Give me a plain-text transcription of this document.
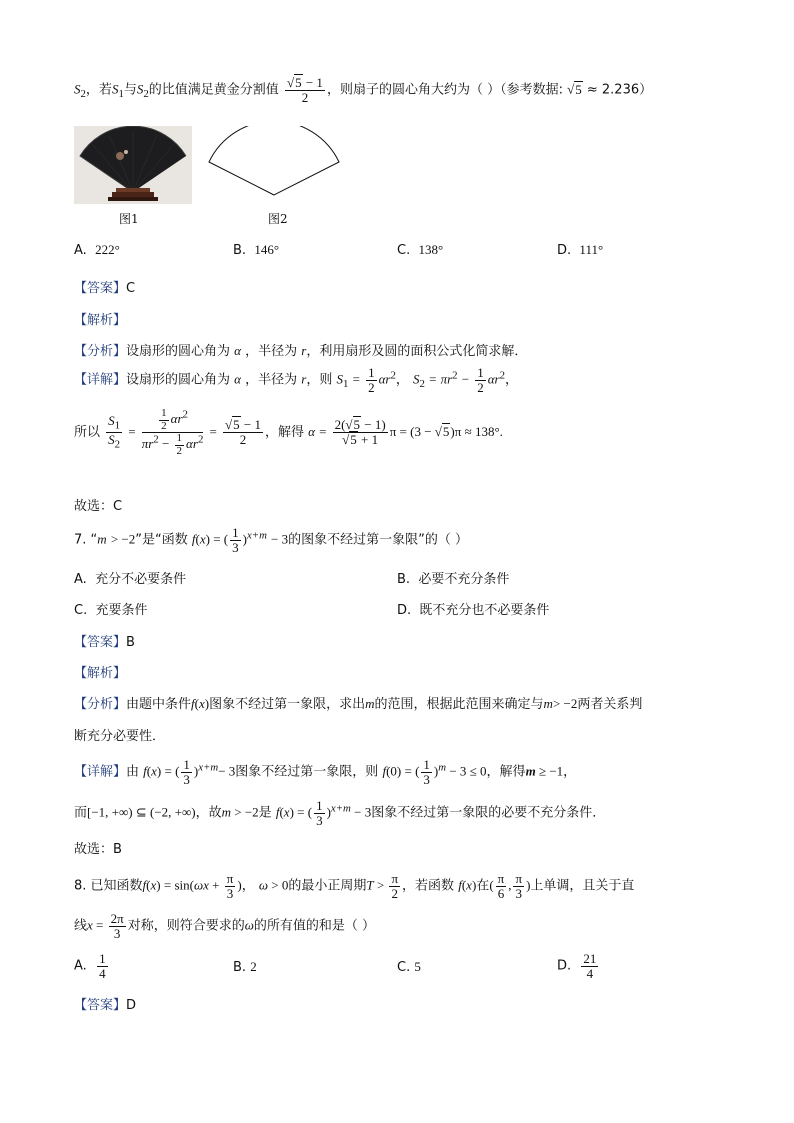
$S_2$，若$S_1$与$S_2$的比值满足黄金分割值 $\frac{√5 - 1}{2}$ ，则扇子的圆心角大约为（ ）（参考数据: √5 ≈ 2.236）
图1	图2
A. 222°	B. 146°	C. 138°	D. 111°
【答案】C
【解析】
【分析】设扇形的圆心角为 α ，半径为 r，利用扇形及圆的面积公式化简求解．
【详解】设扇形的圆心角为 α ，半径为 r，则 $S_1 = \frac{1}{2} \alpha r^2$， $S_2 = \pi r^2 - \frac{1}{2} \alpha r^2$，
所以 $\frac{S_1}{S_2} = \frac{\frac{1}{2} \alpha r^2}{\pi r^2 - \frac{1}{2} \alpha r^2} = \frac{√5 - 1}{2}$ ，解得 $\alpha = \frac{2(√5 - 1)}{√5 + 1}$ π = (3 − √5)π ≈ 138°.
故选：C
7. “m > −2”是“函数 f(x) = ( $\frac{1}{3} )^{x+m} - 3$的图象不经过第一象限”的（ ）
A. 充分不必要条件	B. 必要不充分条件
C. 充要条件	D. 既不充分也不必要条件
【答案】B
【解析】
【分析】由题中条件f(x)图象不经过第一象限，求出m的范围，根据此范围来确定与m> −2两者关系判
断充分必要性．
【详解】由 f(x) = ( $\frac{1}{3} )^{x+m}- 3$图象不经过第一象限，则 f(0) = ( $\frac{1}{3} )^m - 3 \le 0$，解得m ≥ −1，
而[−1, +∞) ⊆ (−2, +∞)，故m > −2是 f(x) = ( $\frac{1}{3} )^{x+m} - 3$图象不经过第一象限的必要不充分条件．
故选：B
8. 已知函数$f(x) = \sin(\omega x + \frac{\pi}{3}$ )， ω > 0的最小正周期$T > \frac{\pi}{2}$ ，若函数 f(x)在( $\frac{\pi}{6}$ , $\frac{\pi}{3}$ )上单调，且关于直
线$x = \frac{2\pi}{3}$ 对称，则符合要求的ω的所有值的和是（ ）
A. $\frac{1}{4}$	B. 2	C. 5	D. $\frac{21}{4}$
【答案】D
